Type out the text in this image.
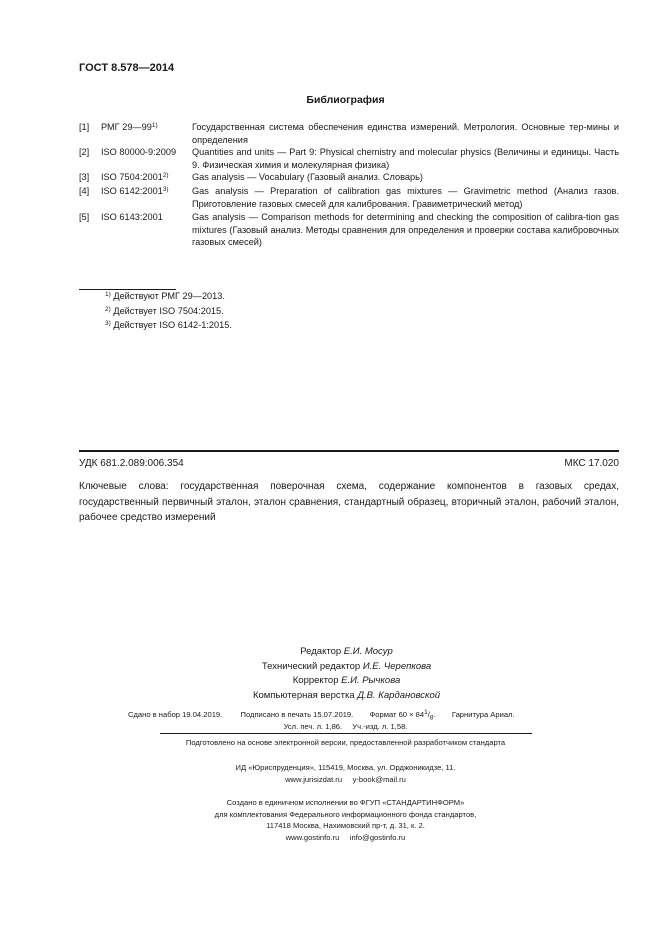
ГОСТ 8.578—2014
Библиография
[1] РМГ 29—99$^{1)}$	Государственная система обеспечения единства измерений. Метрология. Основные тер-мины и определения
[2] ISO 80000-9:2009 Quantities and units — Part 9: Physical chemistry and molecular physics (Величины и единицы. Часть 9. Физическая химия и молекулярная физика)
[3] ISO 7504:2001$^{2)}$	Gas analysis — Vocabulary (Газовый анализ. Словарь)
[4] ISO 6142:2001$^{3)}$	Gas analysis — Preparation of calibration gas mixtures — Gravimetric method (Анализ газов. Приготовление газовых смесей для калибрования. Гравиметрический метод)
[5] ISO 6143:2001	Gas analysis — Comparison methods for determining and checking the composition of calibra-tion gas mixtures (Газовый анализ. Методы сравнения для определения и проверки состава калибровочных газовых смесей)
$^{1)}$ Действуют РМГ 29—2013.
$^{2)}$ Действует ISO 7504:2015.
$^{3)}$ Действует ISO 6142-1:2015.
УДК 681.2.089:006.354	МКС 17.020
Ключевые слова: государственная поверочная схема, содержание компонентов в газовых средах, государственный первичный эталон, эталон сравнения, стандартный образец, вторичный эталон, рабочий эталон, рабочее средство измерений
Редактор Е.И. Мосур
Технический редактор И.Е. Черепкова
Корректор Е.И. Рычкова
Компьютерная верстка Д.В. Кардановской
Сдано в набор 19.04.2019. Подписано в печать 15.07.2019. Формат $60 \times 84^1/_8$. Гарнитура Ариал.
Усл. печ. л. 1,86. Уч.-изд. л. 1,58.
Подготовлено на основе электронной версии, предоставленной разработчиком стандарта
ИД «Юриспруденция», 115419, Москва, ул. Орджоникидзе, 11.
www.jurisizdat.ru y-book@mail.ru
Создано в единичном исполнении во ФГУП «СТАНДАРТИНФОРМ»
для комплектования Федерального информационного фонда стандартов,
117418 Москва, Нахимовский пр-т, д. 31, к. 2.
www.gostinfo.ru info@gostinfo.ru
